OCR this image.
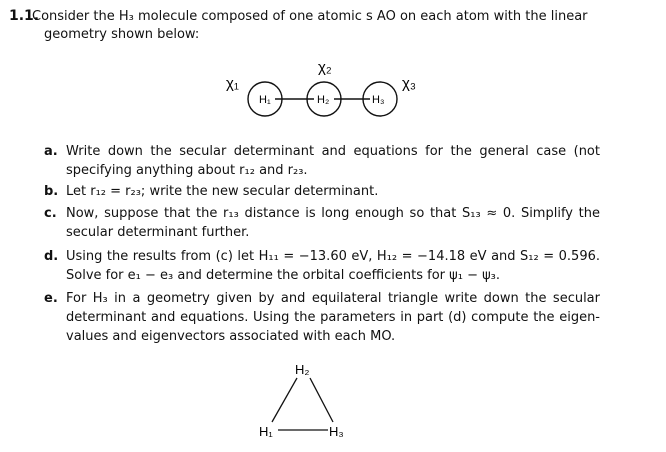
1.1.
Consider the H₃ molecule composed of one atomic s AO on each atom with the linear
geometry shown below:
χ₁
χ₂
χ₃
H₁	H₂	H₃
a. Write down the secular determinant and equations for the general case (not
specifying anything about r₁₂ and r₂₃.
b. Let r₁₂ = r₂₃; write the new secular determinant.
c. Now, suppose that the r₁₃ distance is long enough so that S₁₃ ≈ 0. Simplify the
secular determinant further.
d. Using the results from (c) let H₁₁ = −13.60 eV, H₁₂ = −14.18 eV and S₁₂ = 0.596.
Solve for e₁ − e₃ and determine the orbital coefficients for ψ₁ − ψ₃.
e. For H₃ in a geometry given by and equilateral triangle write down the secular
determinant and equations. Using the parameters in part (d) compute the eigen-
values and eigenvectors associated with each MO.
H₂
H₁	H₃
